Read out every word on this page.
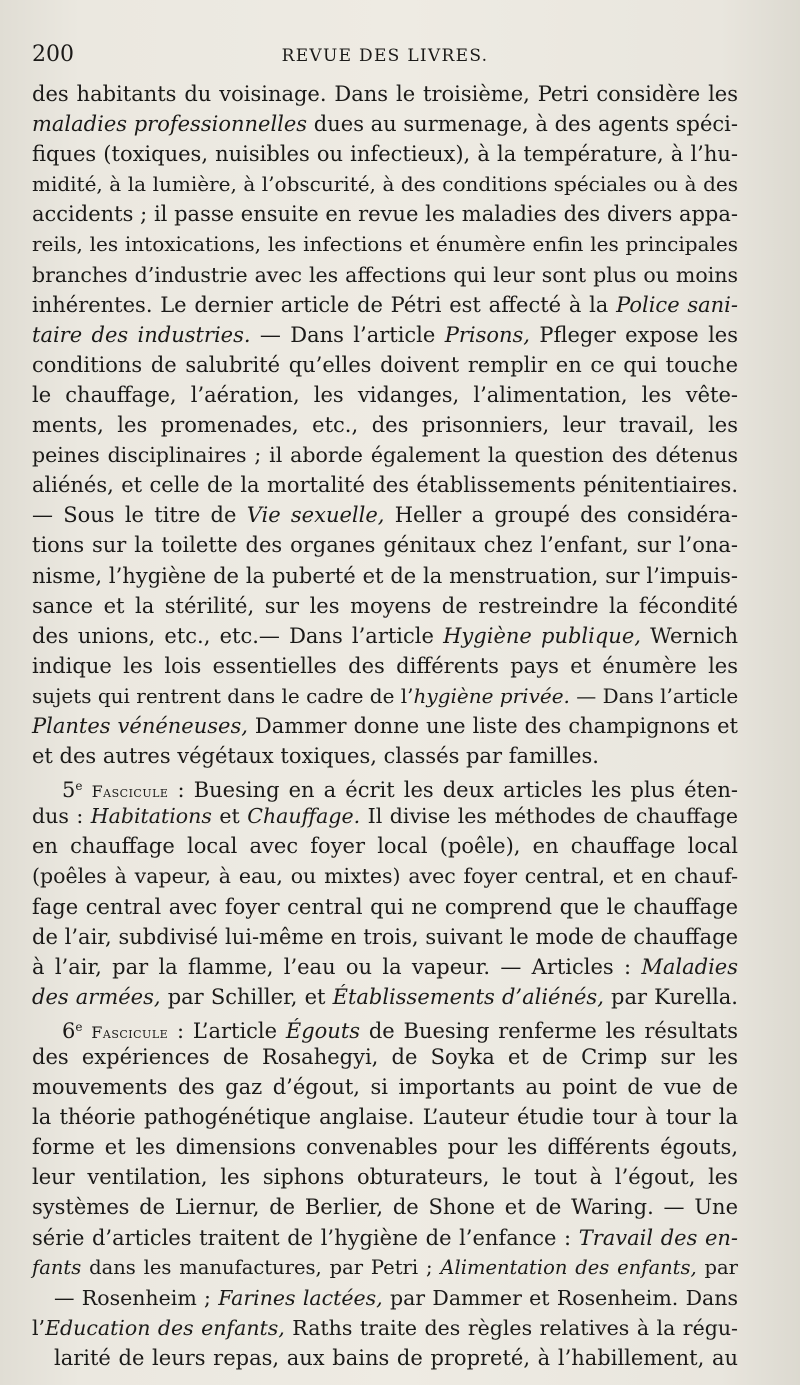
200	REVUE DES LIVRES.
des habitants du voisinage. Dans le troisième, Petri considère les
maladies professionnelles dues au surmenage, à des agents spéci-
fiques (toxiques, nuisibles ou infectieux), à la température, à l’hu-
midité, à la lumière, à l’obscurité, à des conditions spéciales ou à des
accidents ; il passe ensuite en revue les maladies des divers appa-
reils, les intoxications, les infections et énumère enfin les principales
branches d’industrie avec les affections qui leur sont plus ou moins
inhérentes. Le dernier article de Pétri est affecté à la Police sani-
taire des industries. — Dans l’article Prisons, Pfleger expose les
conditions de salubrité qu’elles doivent remplir en ce qui touche
le chauffage, l’aération, les vidanges, l’alimentation, les vête-
ments, les promenades, etc., des prisonniers, leur travail, les
peines disciplinaires ; il aborde également la question des détenus
aliénés, et celle de la mortalité des établissements pénitentiaires.
— Sous le titre de Vie sexuelle, Heller a groupé des considéra-
tions sur la toilette des organes génitaux chez l’enfant, sur l’ona-
nisme, l’hygiène de la puberté et de la menstruation, sur l’impuis-
sance et la stérilité, sur les moyens de restreindre la fécondité
des unions, etc., etc.— Dans l’article Hygiène publique, Wernich
indique les lois essentielles des différents pays et énumère les
sujets qui rentrent dans le cadre de l’hygiène privée. — Dans l’article
Plantes vénéneuses, Dammer donne une liste des champignons et
et des autres végétaux toxiques, classés par familles.
5e Fascicule : Buesing en a écrit les deux articles les plus éten-
dus : Habitations et Chauffage. Il divise les méthodes de chauffage
en chauffage local avec foyer local (poêle), en chauffage local
(poêles à vapeur, à eau, ou mixtes) avec foyer central, et en chauf-
fage central avec foyer central qui ne comprend que le chauffage
de l’air, subdivisé lui-même en trois, suivant le mode de chauffage
à l’air, par la flamme, l’eau ou la vapeur. — Articles : Maladies
des armées, par Schiller, et Établissements d’aliénés, par Kurella.
6e Fascicule : L’article Égouts de Buesing renferme les résultats
des expériences de Rosahegyi, de Soyka et de Crimp sur les
mouvements des gaz d’égout, si importants au point de vue de
la théorie pathogénétique anglaise. L’auteur étudie tour à tour la
forme et les dimensions convenables pour les différents égouts,
leur ventilation, les siphons obturateurs, le tout à l’égout, les
systèmes de Liernur, de Berlier, de Shone et de Waring. — Une
série d’articles traitent de l’hygiène de l’enfance : Travail des en-
fants dans les manufactures, par Petri ; Alimentation des enfants, par
— Rosenheim ; Farines lactées, par Dammer et Rosenheim. Dans
l’Education des enfants, Raths traite des règles relatives à la régu-
larité de leurs repas, aux bains de propreté, à l’habillement, au
